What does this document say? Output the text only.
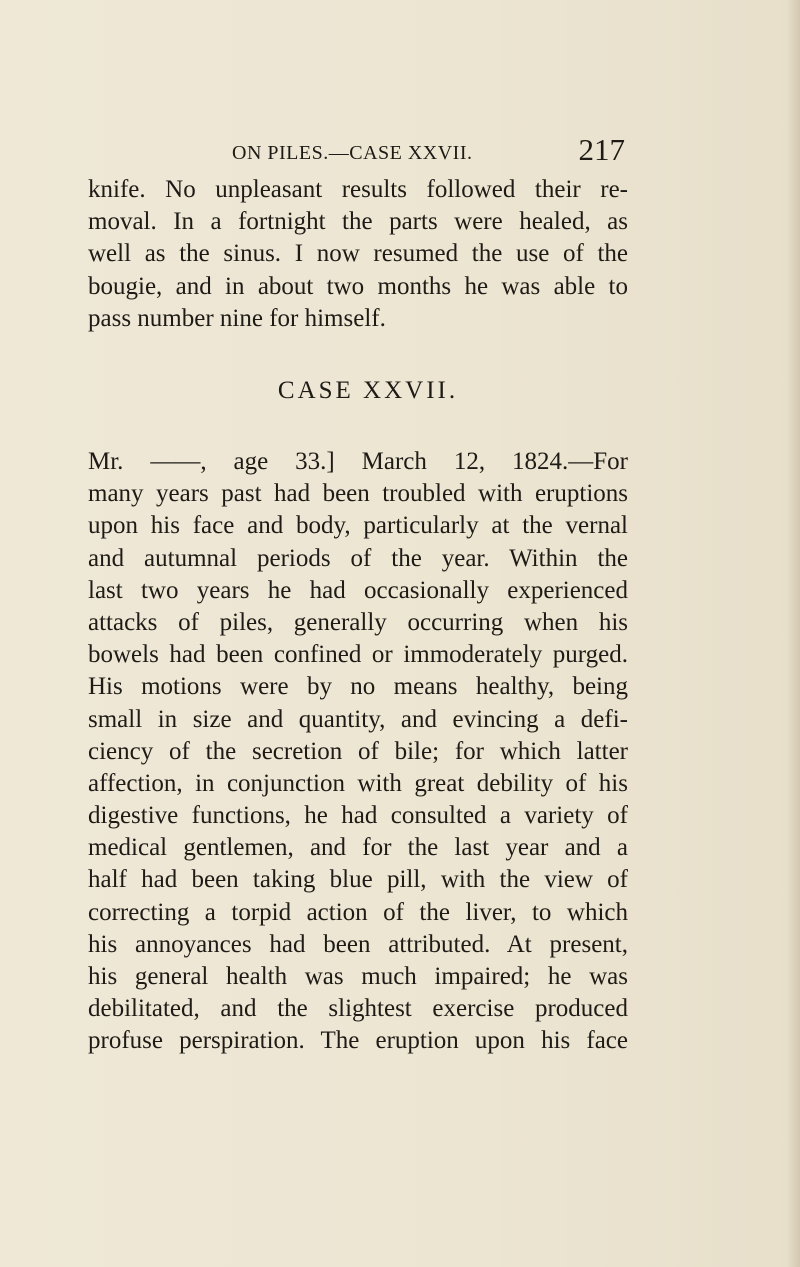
ON PILES.—CASE XXVII.	217
knife. No unpleasant results followed their re-
moval. In a fortnight the parts were healed, as
well as the sinus. I now resumed the use of the
bougie, and in about two months he was able to
pass number nine for himself.
CASE XXVII.
Mr. ——, age 33.] March 12, 1824.—For
many years past had been troubled with eruptions
upon his face and body, particularly at the vernal
and autumnal periods of the year. Within the
last two years he had occasionally experienced
attacks of piles, generally occurring when his
bowels had been confined or immoderately purged.
His motions were by no means healthy, being
small in size and quantity, and evincing a defi-
ciency of the secretion of bile; for which latter
affection, in conjunction with great debility of his
digestive functions, he had consulted a variety of
medical gentlemen, and for the last year and a
half had been taking blue pill, with the view of
correcting a torpid action of the liver, to which
his annoyances had been attributed. At present,
his general health was much impaired; he was
debilitated, and the slightest exercise produced
profuse perspiration. The eruption upon his face
